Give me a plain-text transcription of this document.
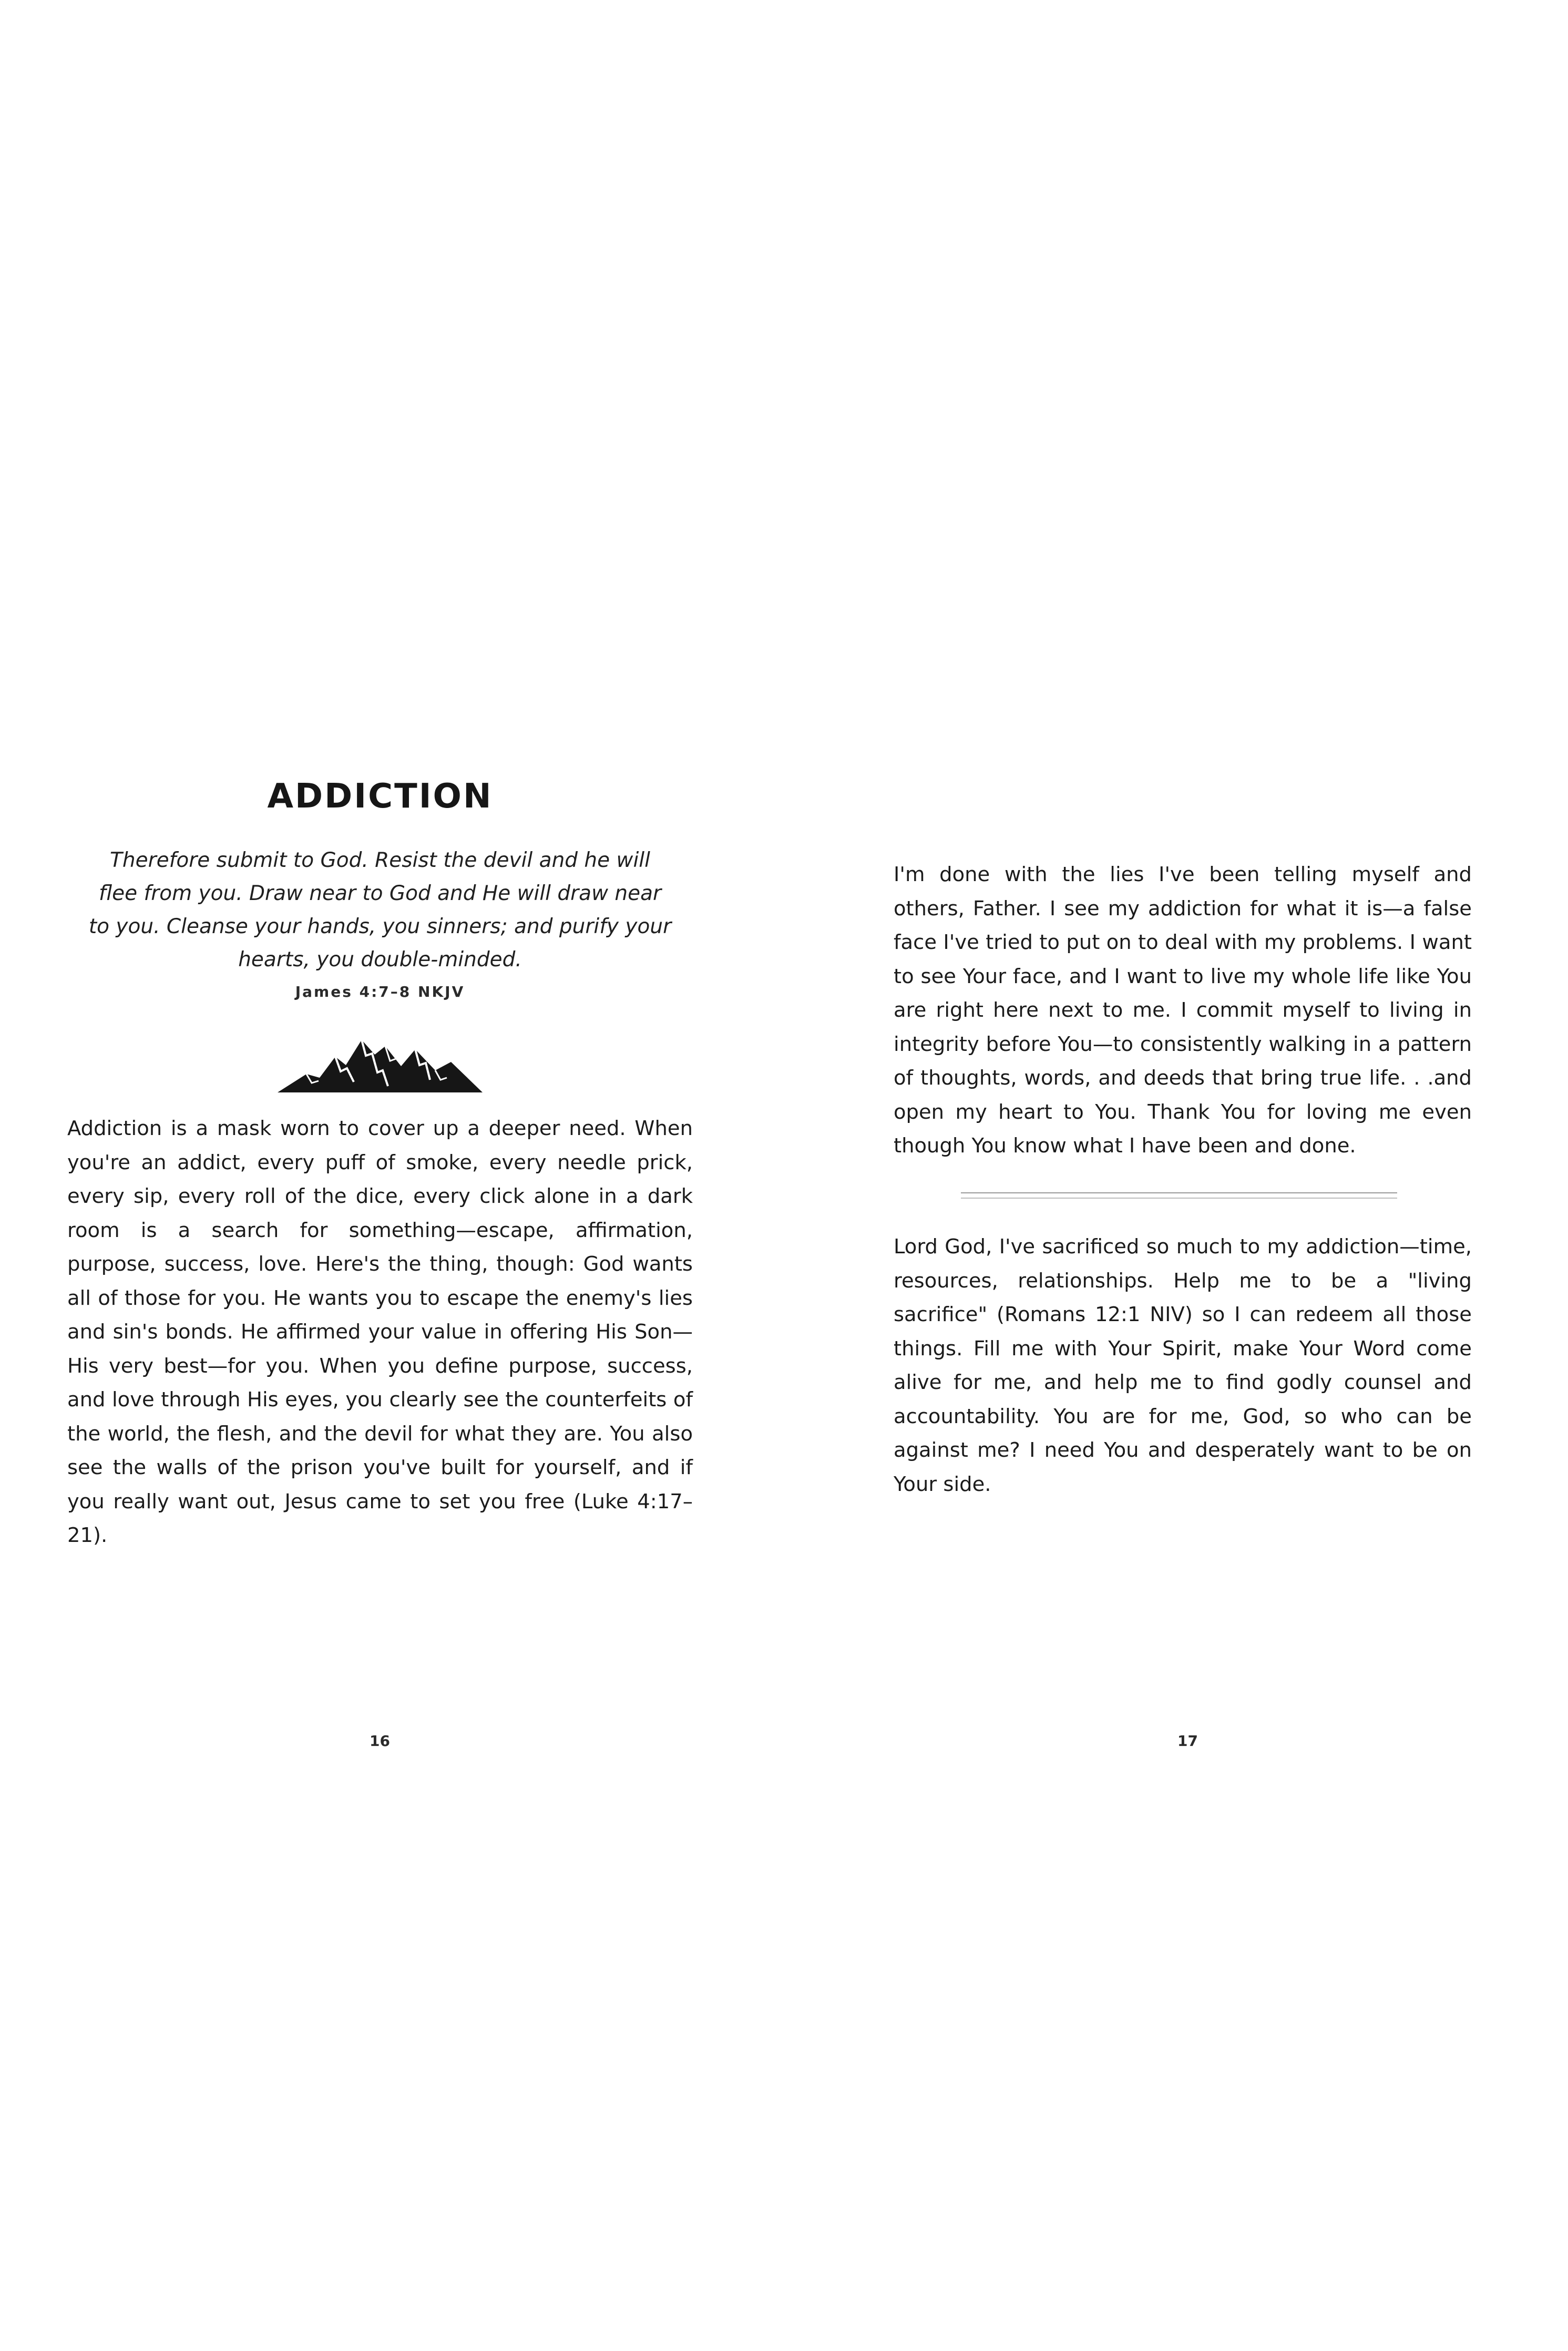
ADDICTION

Therefore submit to God. Resist the devil and he will flee from you. Draw near to God and He will draw near to you. Cleanse your hands, you sinners; and purify your hearts, you double-minded.

James 4:7–8 NKJV

Addiction is a mask worn to cover up a deeper need. When you're an addict, every puff of smoke, every needle prick, every sip, every roll of the dice, every click alone in a dark room is a search for something—escape, affirmation, purpose, success, love. Here's the thing, though: God wants all of those for you. He wants you to escape the enemy's lies and sin's bonds. He affirmed your value in offering His Son—His very best—for you. When you define purpose, success, and love through His eyes, you clearly see the counterfeits of the world, the flesh, and the devil for what they are. You also see the walls of the prison you've built for yourself, and if you really want out, Jesus came to set you free (Luke 4:17–21).

16

I'm done with the lies I've been telling myself and others, Father. I see my addiction for what it is—a false face I've tried to put on to deal with my problems. I want to see Your face, and I want to live my whole life like You are right here next to me. I commit myself to living in integrity before You—to consistently walking in a pattern of thoughts, words, and deeds that bring true life. . .and open my heart to You. Thank You for loving me even though You know what I have been and done.

Lord God, I've sacrificed so much to my addiction—time, resources, relationships. Help me to be a "living sacrifice" (Romans 12:1 NIV) so I can redeem all those things. Fill me with Your Spirit, make Your Word come alive for me, and help me to find godly counsel and accountability. You are for me, God, so who can be against me? I need You and desperately want to be on Your side.

17
